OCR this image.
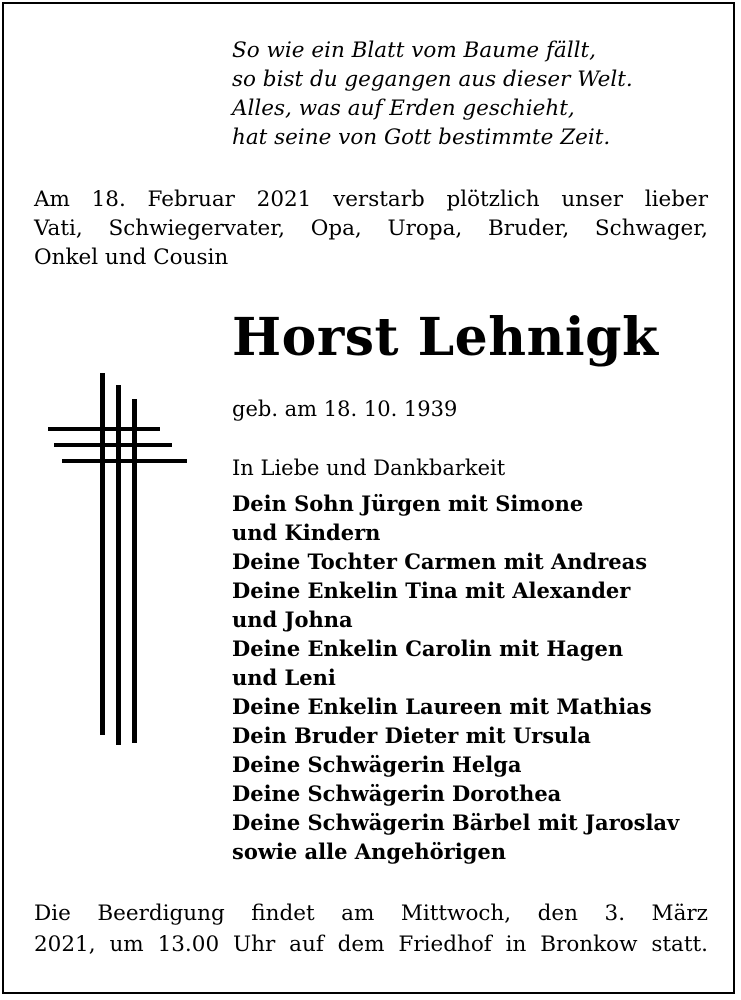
So wie ein Blatt vom Baume fällt,
so bist du gegangen aus dieser Welt.
Alles, was auf Erden geschieht,
hat seine von Gott bestimmte Zeit.
Am 18. Februar 2021 verstarb plötzlich unser lieber
Vati, Schwiegervater, Opa, Uropa, Bruder, Schwager,
Onkel und Cousin
Horst Lehnigk
geb. am 18. 10. 1939
In Liebe und Dankbarkeit
Dein Sohn Jürgen mit Simone
und Kindern
Deine Tochter Carmen mit Andreas
Deine Enkelin Tina mit Alexander
und Johna
Deine Enkelin Carolin mit Hagen
und Leni
Deine Enkelin Laureen mit Mathias
Dein Bruder Dieter mit Ursula
Deine Schwägerin Helga
Deine Schwägerin Dorothea
Deine Schwägerin Bärbel mit Jaroslav
sowie alle Angehörigen
Die Beerdigung findet am Mittwoch, den 3. März
2021, um 13.00 Uhr auf dem Friedhof in Bronkow statt.
